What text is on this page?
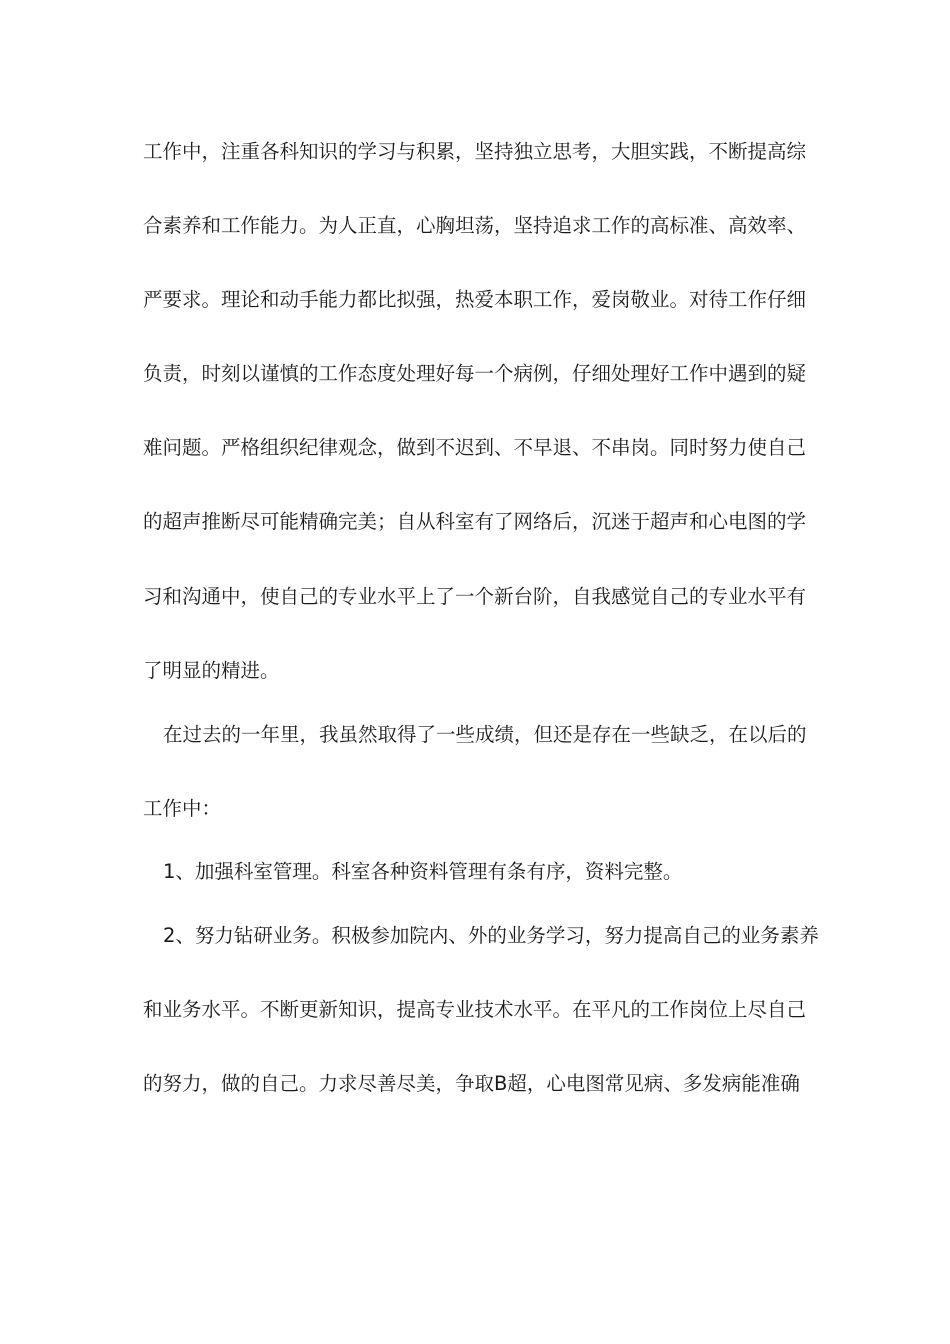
工作中，注重各科知识的学习与积累，坚持独立思考，大胆实践，不断提高综
合素养和工作能力。为人正直，心胸坦荡，坚持追求工作的高标准、高效率、
严要求。理论和动手能力都比拟强，热爱本职工作，爱岗敬业。对待工作仔细
负责，时刻以谨慎的工作态度处理好每一个病例，仔细处理好工作中遇到的疑
难问题。严格组织纪律观念，做到不迟到、不早退、不串岗。同时努力使自己
的超声推断尽可能精确完美；自从科室有了网络后，沉迷于超声和心电图的学
习和沟通中，使自己的专业水平上了一个新台阶，自我感觉自己的专业水平有
了明显的精进。
在过去的一年里，我虽然取得了一些成绩，但还是存在一些缺乏，在以后的
工作中：
1、加强科室管理。科室各种资料管理有条有序，资料完整。
2、努力钻研业务。积极参加院内、外的业务学习，努力提高自己的业务素养
和业务水平。不断更新知识，提高专业技术水平。在平凡的工作岗位上尽自己
的努力，做的自己。力求尽善尽美，争取B超，心电图常见病、多发病能准确
